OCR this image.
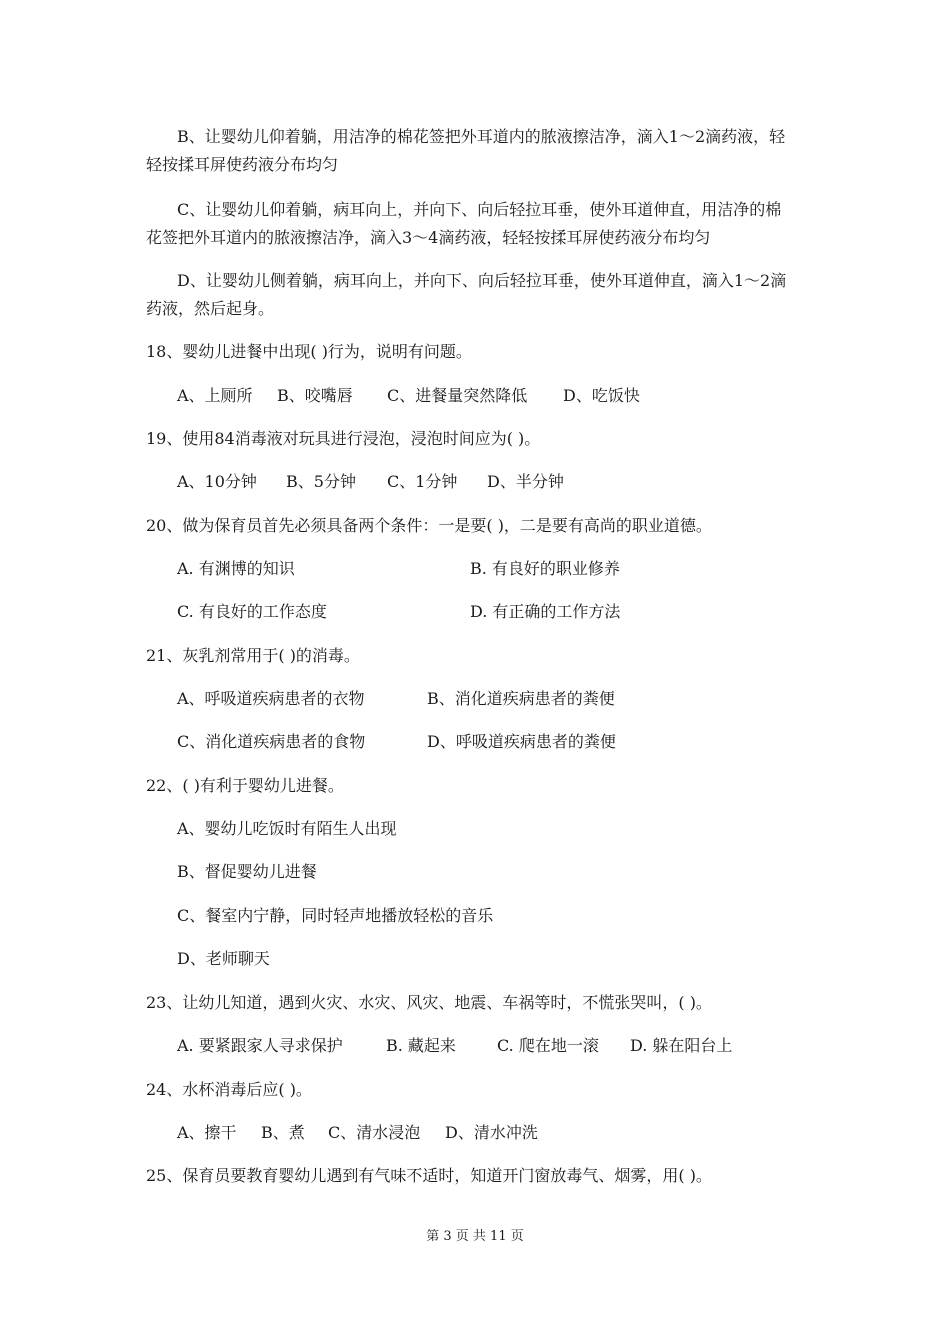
B、让婴幼儿仰着躺，用洁净的棉花签把外耳道内的脓液擦洁净，滴入1～2滴药液，轻
轻按揉耳屏使药液分布均匀
C、让婴幼儿仰着躺，病耳向上，并向下、向后轻拉耳垂，使外耳道伸直，用洁净的棉
花签把外耳道内的脓液擦洁净，滴入3～4滴药液，轻轻按揉耳屏使药液分布均匀
D、让婴幼儿侧着躺，病耳向上，并向下、向后轻拉耳垂，使外耳道伸直，滴入1～2滴
药液，然后起身。
18、婴幼儿进餐中出现( )行为，说明有问题。
A、上厕所 B、咬嘴唇 C、进餐量突然降低 D、吃饭快
19、使用84消毒液对玩具进行浸泡，浸泡时间应为( )。
A、10分钟 B、5分钟 C、1分钟 D、半分钟
20、做为保育员首先必须具备两个条件：一是要( )，二是要有高尚的职业道德。
A. 有渊博的知识	B. 有良好的职业修养
C. 有良好的工作态度	D. 有正确的工作方法
21、灰乳剂常用于( )的消毒。
A、呼吸道疾病患者的衣物	B、消化道疾病患者的粪便
C、消化道疾病患者的食物	D、呼吸道疾病患者的粪便
22、( )有利于婴幼儿进餐。
A、婴幼儿吃饭时有陌生人出现
B、督促婴幼儿进餐
C、餐室内宁静，同时轻声地播放轻松的音乐
D、老师聊天
23、让幼儿知道，遇到火灾、水灾、风灾、地震、车祸等时，不慌张哭叫，( )。
A. 要紧跟家人寻求保护	B. 藏起来	C. 爬在地一滚 D. 躲在阳台上
24、水杯消毒后应( )。
A、擦干 B、煮 C、清水浸泡 D、清水冲洗
25、保育员要教育婴幼儿遇到有气味不适时，知道开门窗放毒气、烟雾，用( )。
第 3 页 共 11 页
